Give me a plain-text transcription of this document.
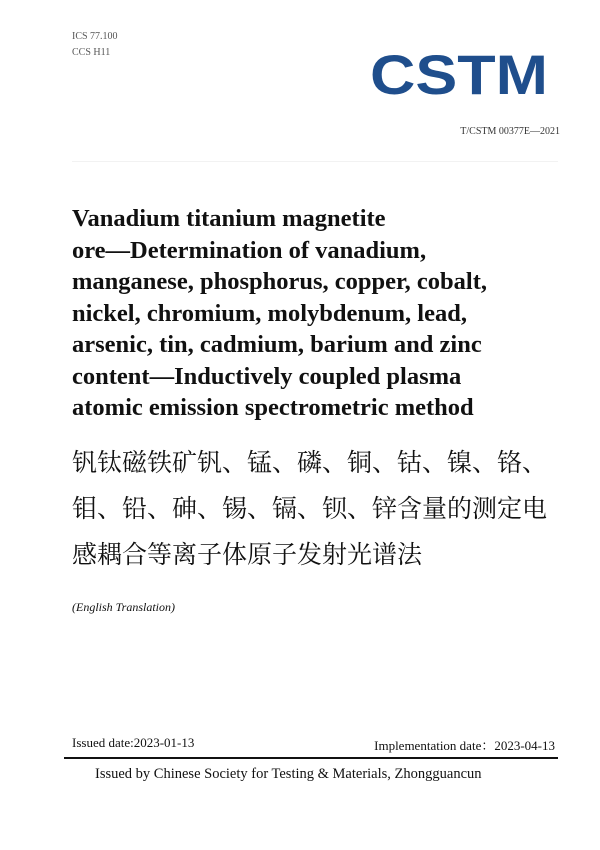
ICS 77.100
CCS H11	CSTM
T/CSTM 00377E—2021
Vanadium titanium magnetite
ore—Determination of vanadium,
manganese, phosphorus, copper, cobalt,
nickel, chromium, molybdenum, lead,
arsenic, tin, cadmium, barium and zinc
content—Inductively coupled plasma
atomic emission spectrometric method
钒钛磁铁矿钒、锰、磷、铜、钴、镍、铬、
钼、铅、砷、锡、镉、钡、锌含量的测定电
感耦合等离子体原子发射光谱法
(English Translation)
Issued date:2023-01-13	Implementation date：2023-04-13
Issued by Chinese Society for Testing & Materials, Zhongguancun
